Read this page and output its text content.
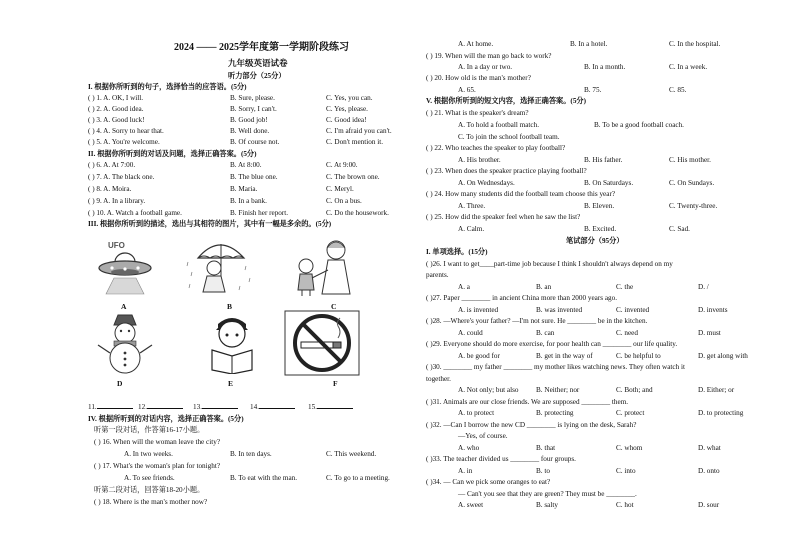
2024 —— 2025学年度第一学期阶段练习
九年级英语试卷
听力部分（25分）
I. 根据你所听到的句子，选择恰当的应答语。(5分)
( ) 1. A. OK, I will.	B. Sure, please.	C. Yes, you can.
( ) 2. A. Good idea.	B. Sorry, I can't.	C. Yes, please.
( ) 3. A. Good luck!	B. Good job!	C. Good idea!
( ) 4. A. Sorry to hear that.	B. Well done.	C. I'm afraid you can't.
( ) 5. A. You're welcome.	B. Of course not.	C. Don't mention it.
II. 根据你所听到的对话及问题，选择正确答案。(5分)
( ) 6. A. At 7:00.	B. At 8:00.	C. At 9:00.
( ) 7. A. The black one.	B. The blue one.	C. The brown one.
( ) 8. A. Moira.	B. Maria.	C. Meryl.
( ) 9. A. In a library.	B. In a bank.	C. On a bus.
( ) 10. A. Watch a football game.	B. Finish her report.	C. Do the housework.
III. 根据你所听到的描述，选出与其相符的图片，其中有一幅是多余的。(5分)
UFO
A	B	C
D	E	F
11.	12.	13.	14.	15.
IV. 根据所听到的对话内容，选择正确答案。(5分)
听第一段对话，作答第16-17小题。
( ) 16. When will the woman leave the city?
A. In two weeks.	B. In ten days.	C. This weekend.
( ) 17. What's the woman's plan for tonight?
A. To see friends.	B. To eat with the man.	C. To go to a meeting.
听第二段对话，回答第18-20小题。
( ) 18. Where is the man's mother now?
A. At home.	B. In a hotel.	C. In the hospital.
( ) 19. When will the man go back to work?
A. In a day or two.	B. In a month.	C. In a week.
( ) 20. How old is the man's mother?
A. 65.	B. 75.	C. 85.
V. 根据你所听到的短文内容，选择正确答案。(5分)
( ) 21. What is the speaker's dream?
A. To hold a football match.	B. To be a good football coach.
C. To join the school football team.
( ) 22. Who teaches the speaker to play football?
A. His brother.	B. His father.	C. His mother.
( ) 23. When does the speaker practice playing football?
A. On Wednesdays.	B. On Saturdays.	C. On Sundays.
( ) 24. How many students did the football team choose this year?
A. Three.	B. Eleven.	C. Twenty-three.
( ) 25. How did the speaker feel when he saw the list?
A. Calm.	B. Excited.	C. Sad.
笔试部分（95分）
I. 单项选择。(15分)
( )26. I want to get____part-time job because I think I shouldn't always depend on my
parents.
A. a	B. an	C. the	D. /
( )27. Paper ________ in ancient China more than 2000 years ago.
A. is invented	B. was invented	C. invented	D. invents
( )28. —Where's your father? —I'm not sure. He ________ be in the kitchen.
A. could	B. can	C. need	D. must
( )29. Everyone should do more exercise, for poor health can ________ our life quality.
A. be good for	B. get in the way of	C. be helpful to	D. get along with
( )30. ________ my father ________ my mother likes watching news. They often watch it
together.
A. Not only; but also B. Neither; nor	C. Both; and	D. Either; or
( )31. Animals are our close friends. We are supposed ________ them.
A. to protect	B. protecting	C. protect	D. to protecting
( )32. —Can I borrow the new CD ________ is lying on the desk, Sarah?
—Yes, of course.
A. who	B. that	C. whom	D. what
( )33. The teacher divided us ________ four groups.
A. in	B. to	C. into	D. onto
( )34. — Can we pick some oranges to eat?
— Can't you see that they are green? They must be ________.
A. sweet	B. salty	C. hot	D. sour
